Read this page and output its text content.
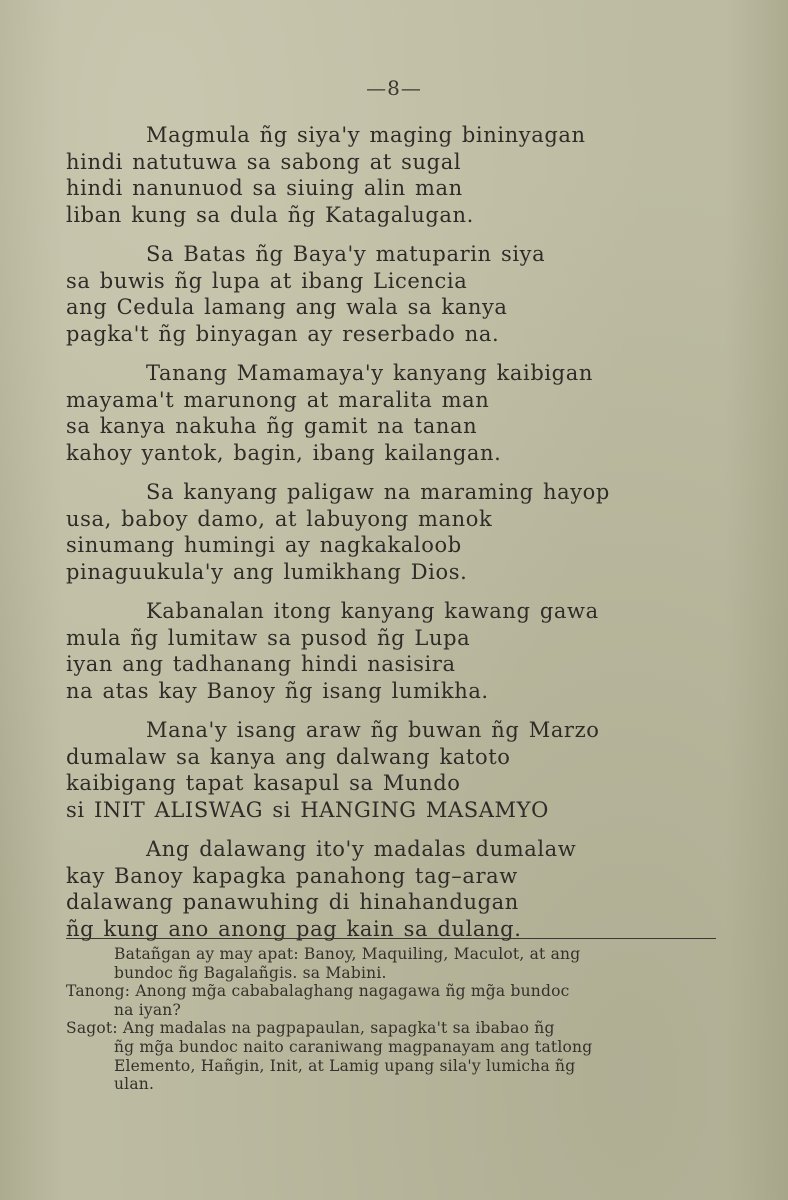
—8—
Magmula ñg siya'y maging bininyagan
hindi natutuwa sa sabong at sugal
hindi nanunuod sa siuing alin man
liban kung sa dula ñg Katagalugan.
Sa Batas ñg Baya'y matuparin siya
sa buwis ñg lupa at ibang Licencia
ang Cedula lamang ang wala sa kanya
pagka't ñg binyagan ay reserbado na.
Tanang Mamamaya'y kanyang kaibigan
mayama't marunong at maralita man
sa kanya nakuha ñg gamit na tanan
kahoy yantok, bagin, ibang kailangan.
Sa kanyang paligaw na maraming hayop
usa, baboy damo, at labuyong manok
sinumang humingi ay nagkakaloob
pinaguukula'y ang lumikhang Dios.
Kabanalan itong kanyang kawang gawa
mula ñg lumitaw sa pusod ñg Lupa
iyan ang tadhanang hindi nasisira
na atas kay Banoy ñg isang lumikha.
Mana'y isang araw ñg buwan ñg Marzo
dumalaw sa kanya ang dalwang katoto
kaibigang tapat kasapul sa Mundo
si INIT ALISWAG si HANGING MASAMYO
Ang dalawang ito'y madalas dumalaw
kay Banoy kapagka panahong tag–araw
dalawang panawuhing di hinahandugan
ñg kung ano anong pag kain sa dulang.
Batañgan ay may apat: Banoy, Maquiling, Maculot, at ang
bundoc ñg Bagalañgis. sa Mabini.
Tanong: Anong mg̃a cababalaghang nagagawa ñg mg̃a bundoc
na iyan?
Sagot: Ang madalas na pagpapaulan, sapagka't sa ibabao ñg
ñg mg̃a bundoc naito caraniwang magpanayam ang tatlong
Elemento, Hañgin, Init, at Lamig upang sila'y lumicha ñg
ulan.
